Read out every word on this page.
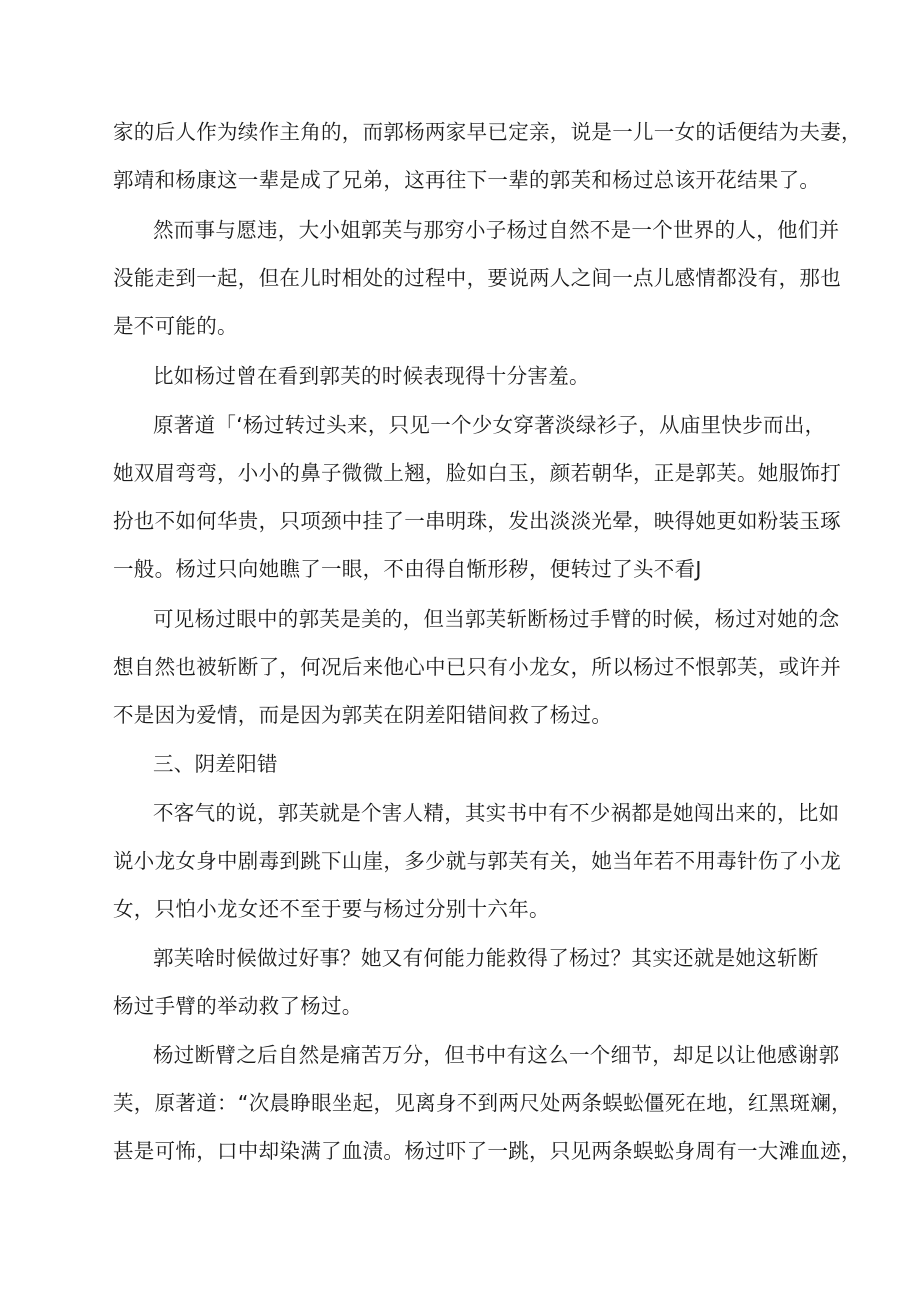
家的后人作为续作主角的，而郭杨两家早已定亲，说是一儿一女的话便结为夫妻，
郭靖和杨康这一辈是成了兄弟，这再往下一辈的郭芙和杨过总该开花结果了。
然而事与愿违，大小姐郭芙与那穷小子杨过自然不是一个世界的人，他们并
没能走到一起，但在儿时相处的过程中，要说两人之间一点儿感情都没有，那也
是不可能的。
比如杨过曾在看到郭芙的时候表现得十分害羞。
原著道「‘杨过转过头来，只见一个少女穿著淡绿衫子，从庙里快步而出，
她双眉弯弯，小小的鼻子微微上翘，脸如白玉，颜若朝华，正是郭芙。她服饰打
扮也不如何华贵，只项颈中挂了一串明珠，发出淡淡光晕，映得她更如粉装玉琢
一般。杨过只向她瞧了一眼，不由得自惭形秽，便转过了头不看J
可见杨过眼中的郭芙是美的，但当郭芙斩断杨过手臂的时候，杨过对她的念
想自然也被斩断了，何况后来他心中已只有小龙女，所以杨过不恨郭芙，或许并
不是因为爱情，而是因为郭芙在阴差阳错间救了杨过。
三、阴差阳错
不客气的说，郭芙就是个害人精，其实书中有不少祸都是她闯出来的，比如
说小龙女身中剧毒到跳下山崖，多少就与郭芙有关，她当年若不用毒针伤了小龙
女，只怕小龙女还不至于要与杨过分别十六年。
郭芙啥时候做过好事？她又有何能力能救得了杨过？其实还就是她这斩断
杨过手臂的举动救了杨过。
杨过断臂之后自然是痛苦万分，但书中有这么一个细节，却足以让他感谢郭
芙，原著道：“次晨睁眼坐起，见离身不到两尺处两条蜈蚣僵死在地，红黑斑斓，
甚是可怖，口中却染满了血渍。杨过吓了一跳，只见两条蜈蚣身周有一大滩血迹，
